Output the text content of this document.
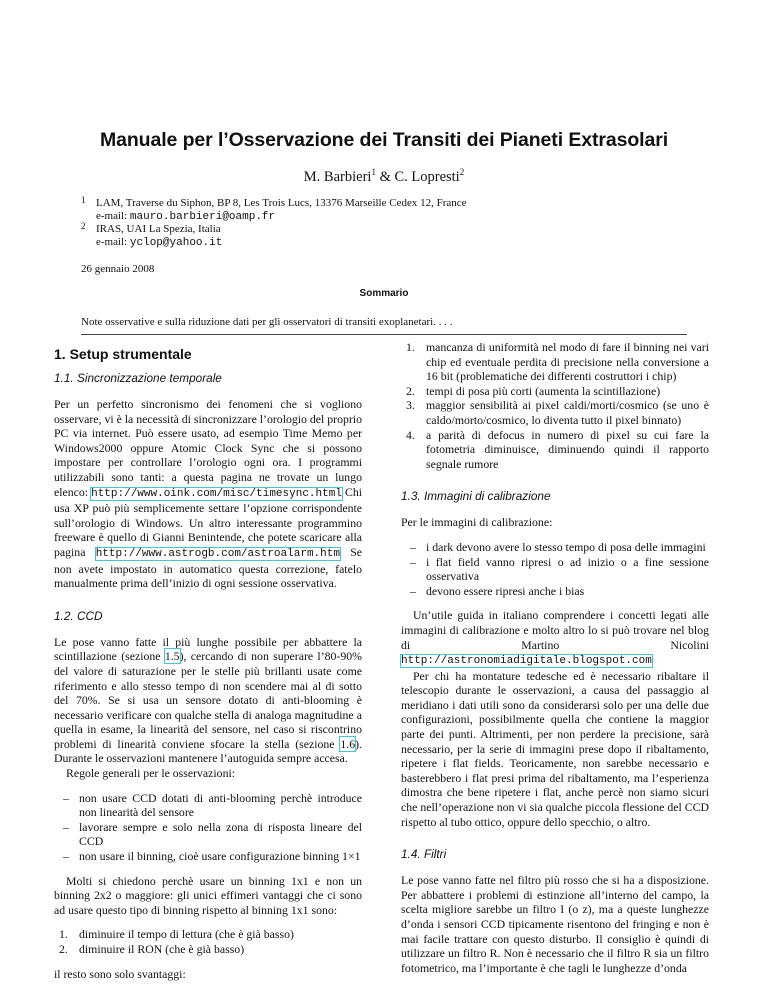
Manuale per l’Osservazione dei Transiti dei Pianeti Extrasolari
M. Barbieri$^1$ & C. Lopresti$^2$
1 LAM, Traverse du Siphon, BP 8, Les Trois Lucs, 13376 Marseille Cedex 12, France
e-mail: mauro.barbieri@oamp.fr
2 IRAS, UAI La Spezia, Italia
e-mail: yclop@yahoo.it
26 gennaio 2008
Sommario
Note osservative e sulla riduzione dati per gli osservatori di transiti exoplanetari. . . .
1. Setup strumentale
1.1. Sincronizzazione temporale

Per un perfetto sincronismo dei fenomeni che si vogliono osservare, vi è la necessità di sincronizzare l’orologio del proprio PC via internet. Può essere usato, ad esempio Time Memo per Windows2000 oppure Atomic Clock Sync che si possono impostare per controllare l’orologio ogni ora. I programmi utilizzabili sono tanti: a questa pagina ne trovate un lungo elenco: http://www.oink.com/misc/timesync.html Chi usa XP può più semplicemente settare l’opzione corrispondente sull’orologio di Windows. Un altro interessante programmino freeware è quello di Gianni Benintende, che potete scaricare alla pagina http://www.astrogb.com/astroalarm.htm Se non avete impostato in automatico questa correzione, fatelo manualmente prima dell’inizio di ogni sessione osservativa.

1.2. CCD

Le pose vanno fatte il più lunghe possibile per abbattere la scintillazione (sezione 1.5), cercando di non superare l’80-90% del valore di saturazione per le stelle più brillanti usate come riferimento e allo stesso tempo di non scendere mai al di sotto del 70%. Se si usa un sensore dotato di anti-blooming è necessario verificare con qualche stella di analoga magnitudine a quella in esame, la linearità del sensore, nel caso si riscontrino problemi di linearità conviene sfocare la stella (sezione 1.6). Durante le osservazioni mantenere l’autoguida sempre accesa.

Regole generali per le osservazioni:

– non usare CCD dotati di anti-blooming perchè introduce non linearità del sensore
– lavorare sempre e solo nella zona di risposta lineare del CCD
– non usare il binning, cioè usare configurazione binning 1×1

Molti si chiedono perchè usare un binning 1x1 e non un binning 2x2 o maggiore: gli unici effimeri vantaggi che ci sono ad usare questo tipo di binning rispetto al binning 1x1 sono:

1. diminuire il tempo di lettura (che è già basso)
2. diminuire il RON (che è già basso)

il resto sono solo svantaggi:

1. mancanza di uniformità nel modo di fare il binning nei vari chip ed eventuale perdita di precisione nella conversione a 16 bit (problematiche dei differenti costruttori i chip)
2. tempi di posa più corti (aumenta la scintillazione)
3. maggior sensibilità ai pixel caldi/morti/cosmico (se uno è caldo/morto/cosmico, lo diventa tutto il pixel binnato)
4. a parità di defocus in numero di pixel su cui fare la fotometria diminuisce, diminuendo quindi il rapporto segnale rumore
1.3. Immagini di calibrazione

Per le immagini di calibrazione:

– i dark devono avere lo stesso tempo di posa delle immagini
– i flat field vanno ripresi o ad inizio o a fine sessione osservativa
– devono essere ripresi anche i bias

Un’utile guida in italiano comprendere i concetti legati alle immagini di calibrazione e molto altro lo si può trovare nel blog di Martino Nicolini http://astronomiadigitale.blogspot.com

Per chi ha montature tedesche ed è necessario ribaltare il telescopio durante le osservazioni, a causa del passaggio al meridiano i dati utili sono da considerarsi solo per una delle due configurazioni, possibilmente quella che contiene la maggior parte dei punti. Altrimenti, per non perdere la precisione, sarà necessario, per la serie di immagini prese dopo il ribaltamento, ripetere i flat fields. Teoricamente, non sarebbe necessario e basterebbero i flat presi prima del ribaltamento, ma l’esperienza dimostra che bene ripetere i flat, anche percè non siamo sicuri che nell’operazione non vi sia qualche piccola flessione del CCD rispetto al tubo ottico, oppure dello specchio, o altro.

1.4. Filtri

Le pose vanno fatte nel filtro più rosso che si ha a disposizione. Per abbattere i problemi di estinzione all’interno del campo, la scelta migliore sarebbe un filtro I (o z), ma a queste lunghezze d’onda i sensori CCD tipicamente risentono del fringing e non è mai facile trattare con questo disturbo. Il consiglio è quindi di utilizzare un filtro R. Non è necessario che il filtro R sia un filtro fotometrico, ma l’importante è che tagli le lunghezze d’onda
